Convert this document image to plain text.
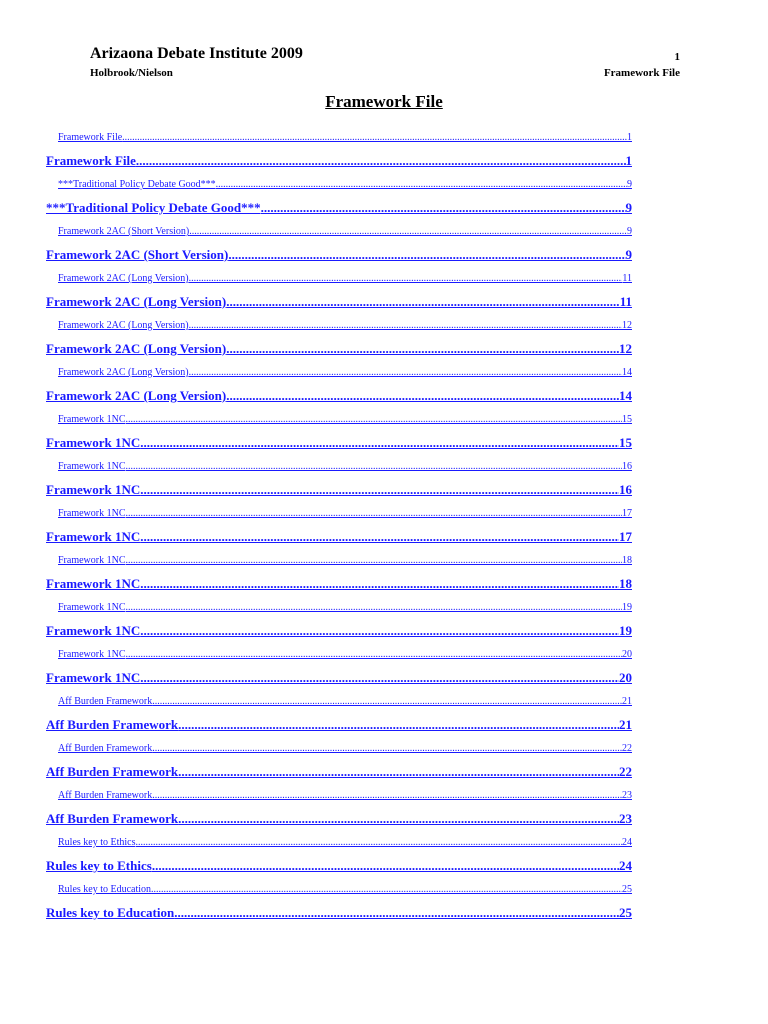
Arizaona Debate Institute 2009	1
Holbrook/Nielson	Framework File
Framework File
Framework File .....	1
Framework File .....	1
***Traditional Policy Debate Good*** .....	9
***Traditional Policy Debate Good*** .....	9
Framework 2AC (Short Version) .....	9
Framework 2AC (Short Version) .....	9
Framework 2AC (Long Version) .....	11
Framework 2AC (Long Version) .....	11
Framework 2AC (Long Version) .....	12
Framework 2AC (Long Version) .....	12
Framework 2AC (Long Version) .....	14
Framework 2AC (Long Version) .....	14
Framework 1NC .....	15
Framework 1NC .....	15
Framework 1NC .....	16
Framework 1NC .....	16
Framework 1NC .....	17
Framework 1NC .....	17
Framework 1NC .....	18
Framework 1NC .....	18
Framework 1NC .....	19
Framework 1NC .....	19
Framework 1NC .....	20
Framework 1NC .....	20
Aff Burden Framework .....	21
Aff Burden Framework .....	21
Aff Burden Framework .....	22
Aff Burden Framework .....	22
Aff Burden Framework .....	23
Aff Burden Framework .....	23
Rules key to Ethics .....	24
Rules key to Ethics .....	24
Rules key to Education .....	25
Rules key to Education .....	25
